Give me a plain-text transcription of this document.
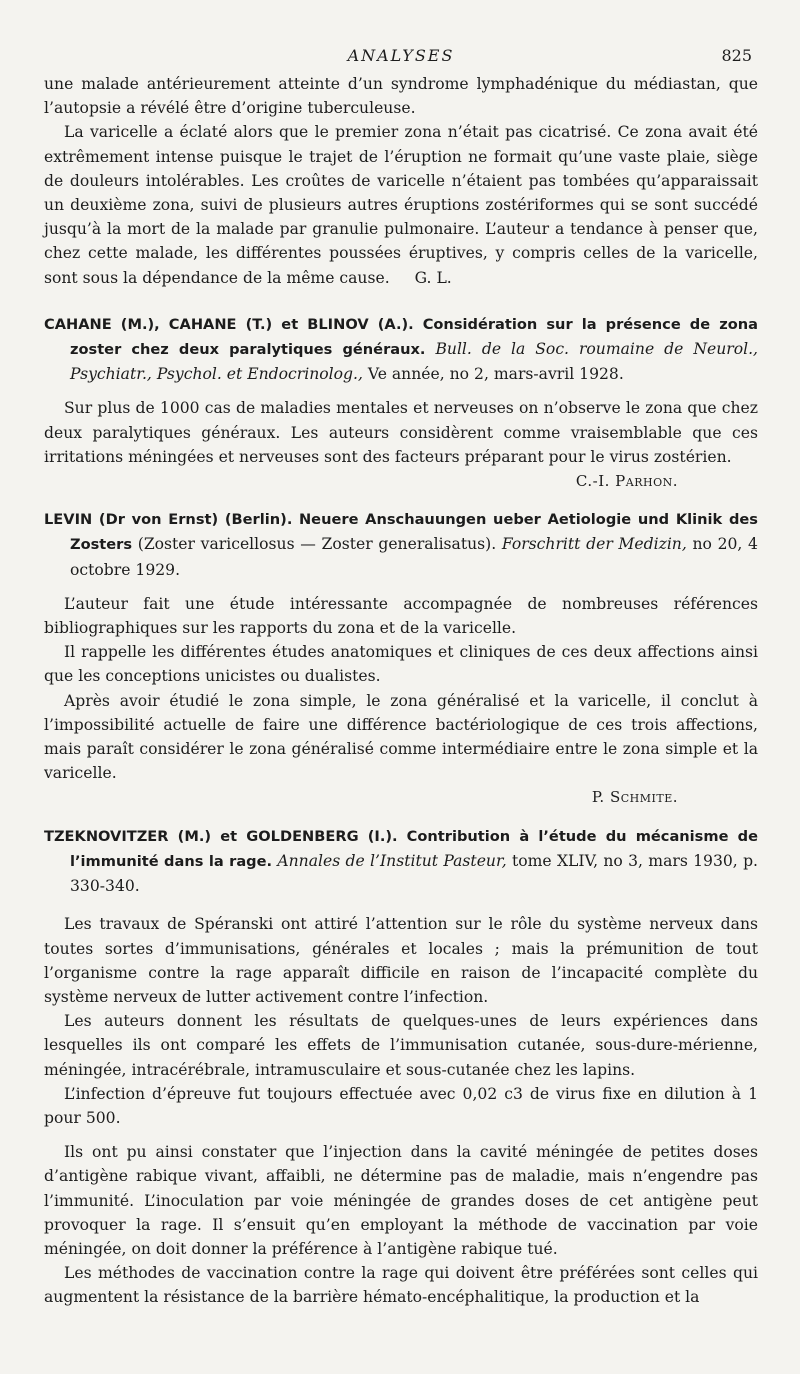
ANALYSES	825

une malade antérieurement atteinte d’un syndrome lymphadénique du médiastan, que l’autopsie a révélé être d’origine tuberculeuse.

La varicelle a éclaté alors que le premier zona n’était pas cicatrisé. Ce zona avait été extrêmement intense puisque le trajet de l’éruption ne formait qu’une vaste plaie, siège de douleurs intolérables. Les croûtes de varicelle n’étaient pas tombées qu’apparaissait un deuxième zona, suivi de plusieurs autres éruptions zostériformes qui se sont succédé jusqu’à la mort de la malade par granulie pulmonaire. L’auteur a tendance à penser que, chez cette malade, les différentes poussées éruptives, y compris celles de la varicelle, sont sous la dépendance de la même cause. G. L.

CAHANE (M.), CAHANE (T.) et BLINOV (A.). Considération sur la présence de zona zoster chez deux paralytiques généraux. Bull. de la Soc. roumaine de Neurol., Psychiatr., Psychol. et Endocrinolog., Ve année, no 2, mars-avril 1928.

Sur plus de 1000 cas de maladies mentales et nerveuses on n’observe le zona que chez deux paralytiques généraux. Les auteurs considèrent comme vraisemblable que ces irritations méningées et nerveuses sont des facteurs préparant pour le virus zostérien.

C.-I. Parhon.

LEVIN (Dr von Ernst) (Berlin). Neuere Anschauungen ueber Aetiologie und Klinik des Zosters (Zoster varicellosus — Zoster generalisatus). Forschritt der Medizin, no 20, 4 octobre 1929.

L’auteur fait une étude intéressante accompagnée de nombreuses références bibliographiques sur les rapports du zona et de la varicelle.

Il rappelle les différentes études anatomiques et cliniques de ces deux affections ainsi que les conceptions unicistes ou dualistes.

Après avoir étudié le zona simple, le zona généralisé et la varicelle, il conclut à l’impossibilité actuelle de faire une différence bactériologique de ces trois affections, mais paraît considérer le zona généralisé comme intermédiaire entre le zona simple et la varicelle.

P. Schmite.

TZEKNOVITZER (M.) et GOLDENBERG (I.). Contribution à l’étude du mécanisme de l’immunité dans la rage. Annales de l’Institut Pasteur, tome XLIV, no 3, mars 1930, p. 330-340.

Les travaux de Spéranski ont attiré l’attention sur le rôle du système nerveux dans toutes sortes d’immunisations, générales et locales ; mais la prémunition de tout l’organisme contre la rage apparaît difficile en raison de l’incapacité complète du système nerveux de lutter activement contre l’infection.

Les auteurs donnent les résultats de quelques-unes de leurs expériences dans lesquelles ils ont comparé les effets de l’immunisation cutanée, sous-dure-mérienne, méningée, intracérébrale, intramusculaire et sous-cutanée chez les lapins.

L’infection d’épreuve fut toujours effectuée avec 0,02 c3 de virus fixe en dilution à 1 pour 500.

Ils ont pu ainsi constater que l’injection dans la cavité méningée de petites doses d’antigène rabique vivant, affaibli, ne détermine pas de maladie, mais n’engendre pas l’immunité. L’inoculation par voie méningée de grandes doses de cet antigène peut provoquer la rage. Il s’ensuit qu’en employant la méthode de vaccination par voie méningée, on doit donner la préférence à l’antigène rabique tué.

Les méthodes de vaccination contre la rage qui doivent être préférées sont celles qui augmentent la résistance de la barrière hémato-encéphalitique, la production et la
